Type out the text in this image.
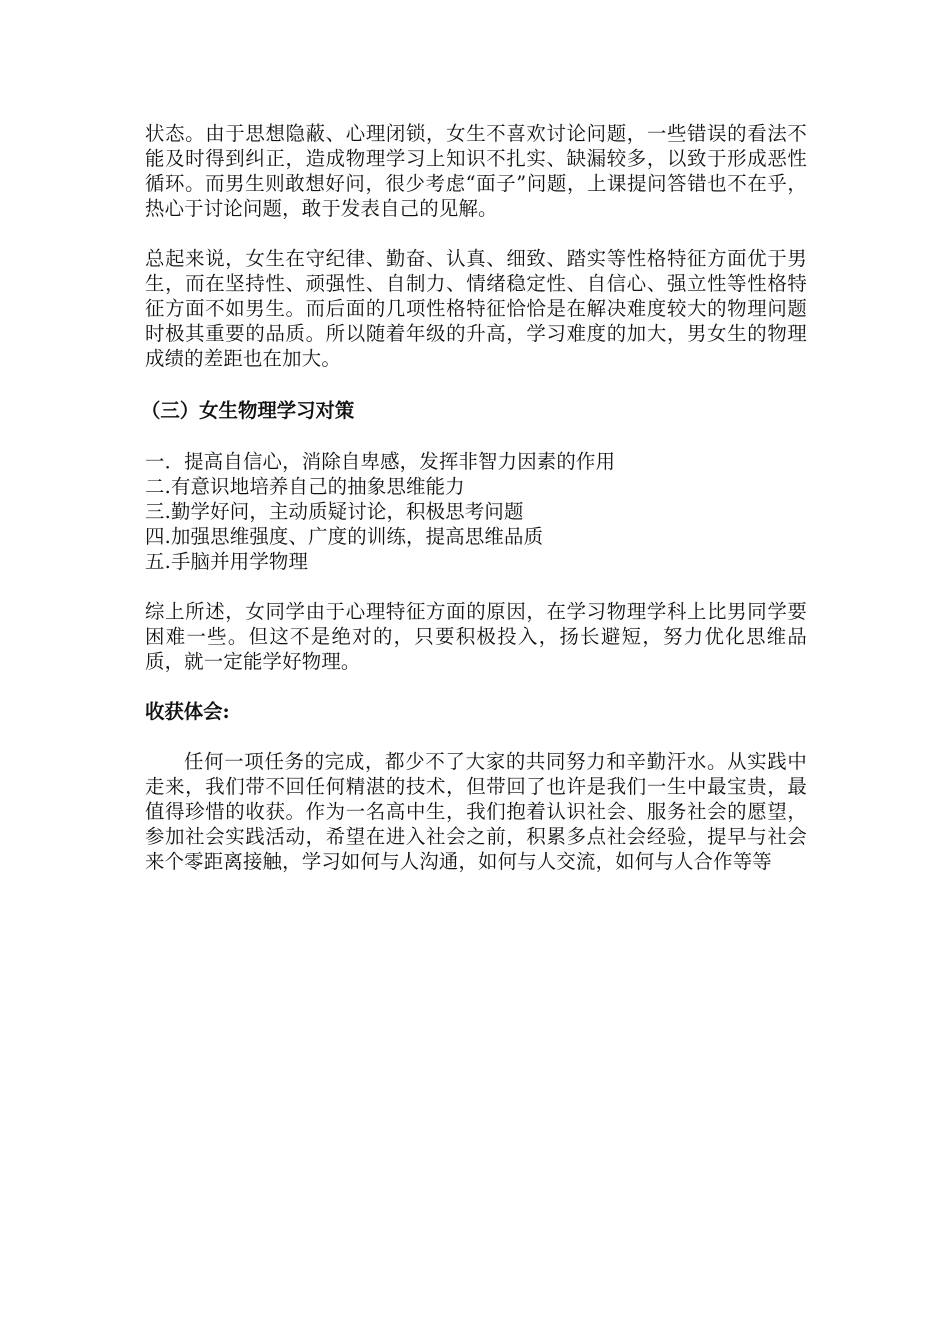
状态。由于思想隐蔽、心理闭锁，女生不喜欢讨论问题，一些错误的看法不能及时得到纠正，造成物理学习上知识不扎实、缺漏较多，以致于形成恶性循环。而男生则敢想好问，很少考虑“面子”问题，上课提问答错也不在乎，热心于讨论问题，敢于发表自己的见解。

总起来说，女生在守纪律、勤奋、认真、细致、踏实等性格特征方面优于男生，而在坚持性、顽强性、自制力、情绪稳定性、自信心、强立性等性格特征方面不如男生。而后面的几项性格特征恰恰是在解决难度较大的物理问题时极其重要的品质。所以随着年级的升高，学习难度的加大，男女生的物理成绩的差距也在加大。

（三）女生物理学习对策
一．提高自信心，消除自卑感，发挥非智力因素的作用
二.有意识地培养自己的抽象思维能力
三.勤学好问，主动质疑讨论，积极思考问题
四.加强思维强度、广度的训练，提高思维品质
五.手脑并用学物理

综上所述，女同学由于心理特征方面的原因，在学习物理学科上比男同学要困难一些。但这不是绝对的，只要积极投入，扬长避短，努力优化思维品质，就一定能学好物理。

收获体会:

任何一项任务的完成，都少不了大家的共同努力和辛勤汗水。从实践中走来，我们带不回任何精湛的技术，但带回了也许是我们一生中最宝贵，最值得珍惜的收获。作为一名高中生，我们抱着认识社会、服务社会的愿望，参加社会实践活动，希望在进入社会之前，积累多点社会经验，提早与社会来个零距离接触，学习如何与人沟通，如何与人交流，如何与人合作等等
